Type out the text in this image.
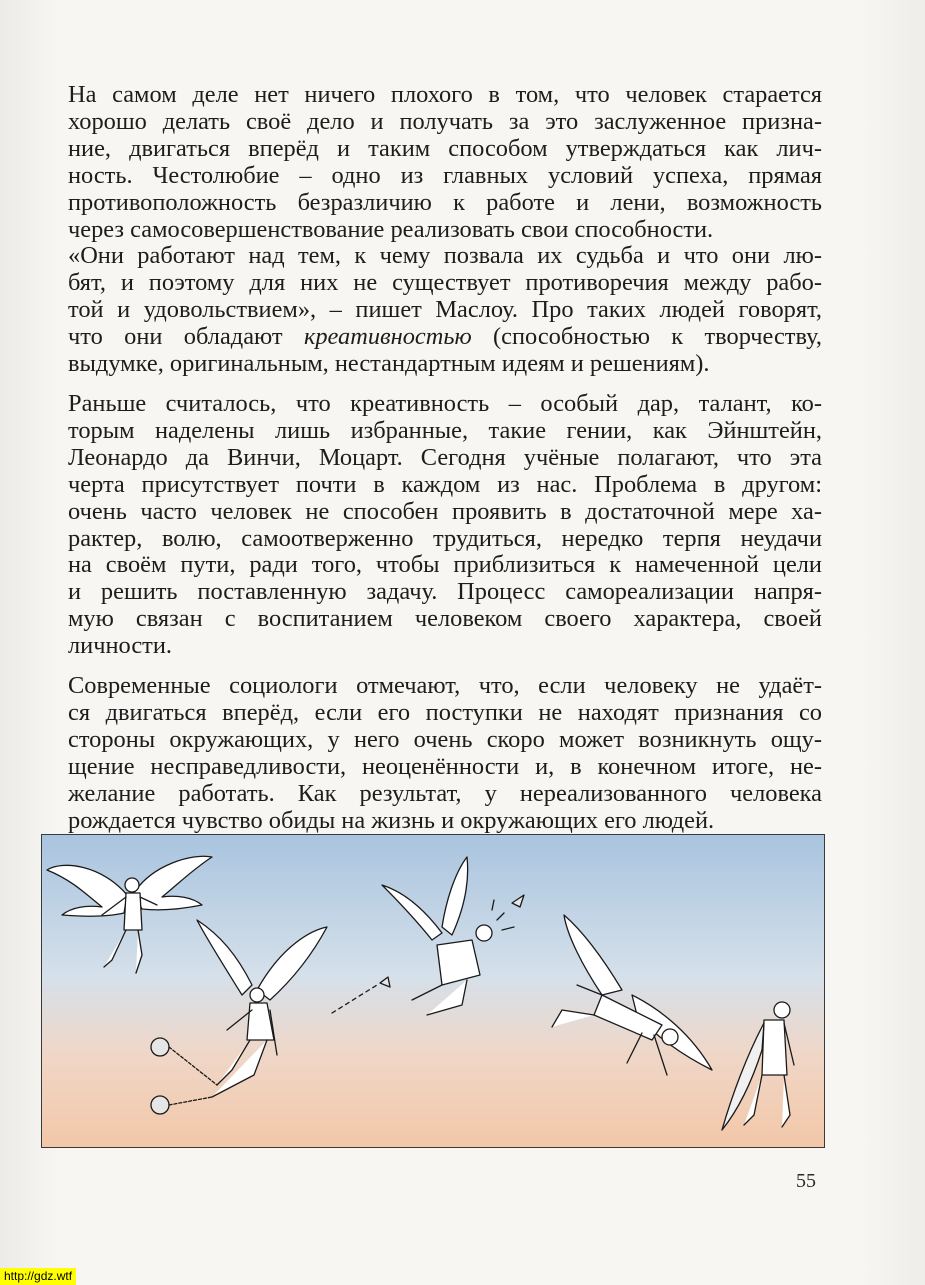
На самом деле нет ничего плохого в том, что человек старается
хорошо делать своё дело и получать за это заслуженное призна-
ние, двигаться вперёд и таким способом утверждаться как лич-
ность. Честолюбие – одно из главных условий успеха, прямая
противоположность безразличию к работе и лени, возможность
через самосовершенствование реализовать свои способности.

«Они работают над тем, к чему позвала их судьба и что они лю-
бят, и поэтому для них не существует противоречия между рабо-
той и удовольствием», – пишет Маслоу. Про таких людей говорят,
что они обладают креативностью (способностью к творчеству,
выдумке, оригинальным, нестандартным идеям и решениям).

Раньше считалось, что креативность – особый дар, талант, ко-
торым наделены лишь избранные, такие гении, как Эйнштейн,
Леонардо да Винчи, Моцарт. Сегодня учёные полагают, что эта
черта присутствует почти в каждом из нас. Проблема в другом:
очень часто человек не способен проявить в достаточной мере ха-
рактер, волю, самоотверженно трудиться, нередко терпя неудачи
на своём пути, ради того, чтобы приблизиться к намеченной цели
и решить поставленную задачу. Процесс самореализации напря-
мую связан с воспитанием человеком своего характера, своей
личности.

Современные социологи отмечают, что, если человеку не удаёт-
ся двигаться вперёд, если его поступки не находят признания со
стороны окружающих, у него очень скоро может возникнуть ощу-
щение несправедливости, неоценённости и, в конечном итоге, не-
желание работать. Как результат, у нереализованного человека
рождается чувство обиды на жизнь и окружающих его людей.

55
http://gdz.wtf
